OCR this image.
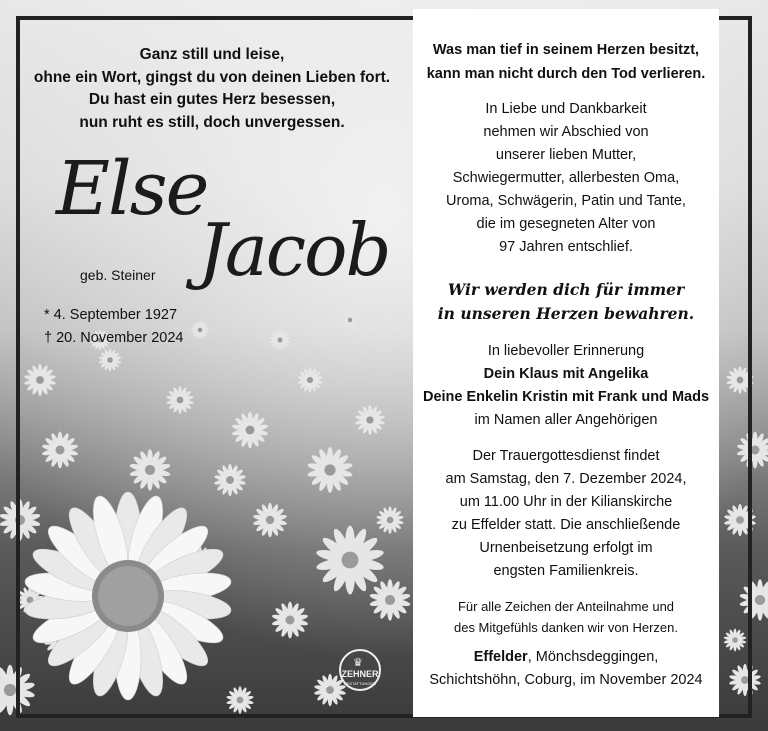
Ganz still und leise,
ohne ein Wort, gingst du von deinen Lieben fort.
Du hast ein gutes Herz besessen,
nun ruht es still, doch unvergessen.
Else
Jacob
geb. Steiner
* 4. September 1927
† 20. November 2024
♛
ZEHNER
BESTATTUNGEN
Was man tief in seinem Herzen besitzt,
kann man nicht durch den Tod verlieren.
In Liebe und Dankbarkeit
nehmen wir Abschied von
unserer lieben Mutter,
Schwiegermutter, allerbesten Oma,
Uroma, Schwägerin, Patin und Tante,
die im gesegneten Alter von
97 Jahren entschlief.
Wir werden dich für immer
in unseren Herzen bewahren.
In liebevoller Erinnerung
Dein Klaus mit Angelika
Deine Enkelin Kristin mit Frank und Mads
im Namen aller Angehörigen
Der Trauergottesdienst findet
am Samstag, den 7. Dezember 2024,
um 11.00 Uhr in der Kilianskirche
zu Effelder statt. Die anschließende
Urnenbeisetzung erfolgt im
engsten Familienkreis.
Für alle Zeichen der Anteilnahme und
des Mitgefühls danken wir von Herzen.
Effelder, Mönchsdeggingen,
Schichtshöhn, Coburg, im November 2024
